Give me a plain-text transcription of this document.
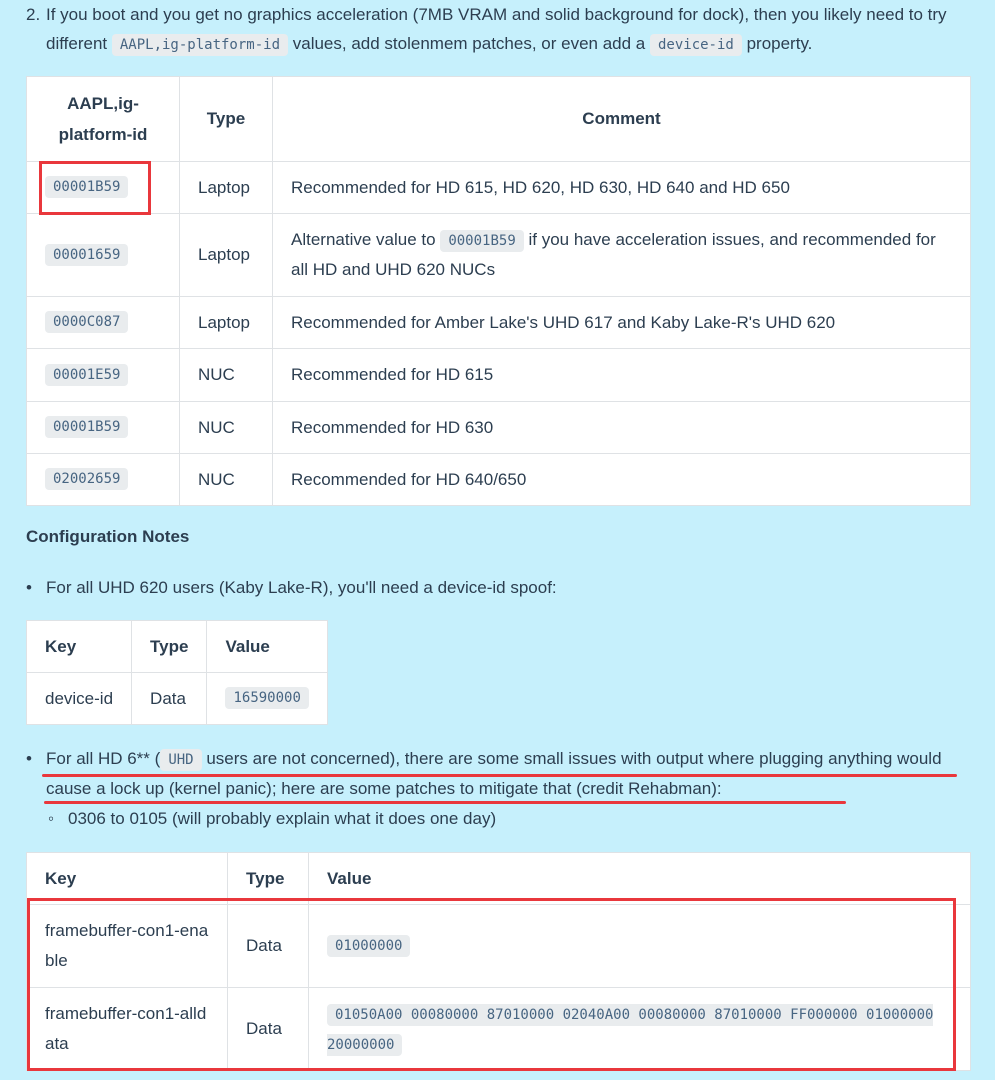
2. If you boot and you get no graphics acceleration (7MB VRAM and solid background for dock), then you likely need to try different AAPL,ig-platform-id values, add stolenmem patches, or even add a device-id property.
AAPL,ig-platform-id	Type	Comment
00001B59	Laptop	Recommended for HD 615, HD 620, HD 630, HD 640 and HD 650
00001659	Laptop	Alternative value to 00001B59 if you have acceleration issues, and recommended for all HD and UHD 620 NUCs
0000C087	Laptop	Recommended for Amber Lake's UHD 617 and Kaby Lake-R's UHD 620
00001E59	NUC	Recommended for HD 615
00001B59	NUC	Recommended for HD 630
02002659	NUC	Recommended for HD 640/650
Configuration Notes
• For all UHD 620 users (Kaby Lake-R), you'll need a device-id spoof:
Key	Type	Value
device-id	Data	16590000
• For all HD 6** ( UHD users are not concerned), there are some small issues with output where plugging anything would cause a lock up (kernel panic); here are some patches to mitigate that (credit Rehabman):
◦ 0306 to 0105 (will probably explain what it does one day)
Key	Type	Value
framebuffer-con1-enable	Data	01000000
framebuffer-con1-alldata	Data	01050A00 00080000 87010000 02040A00 00080000 87010000 FF000000 01000000 20000000
